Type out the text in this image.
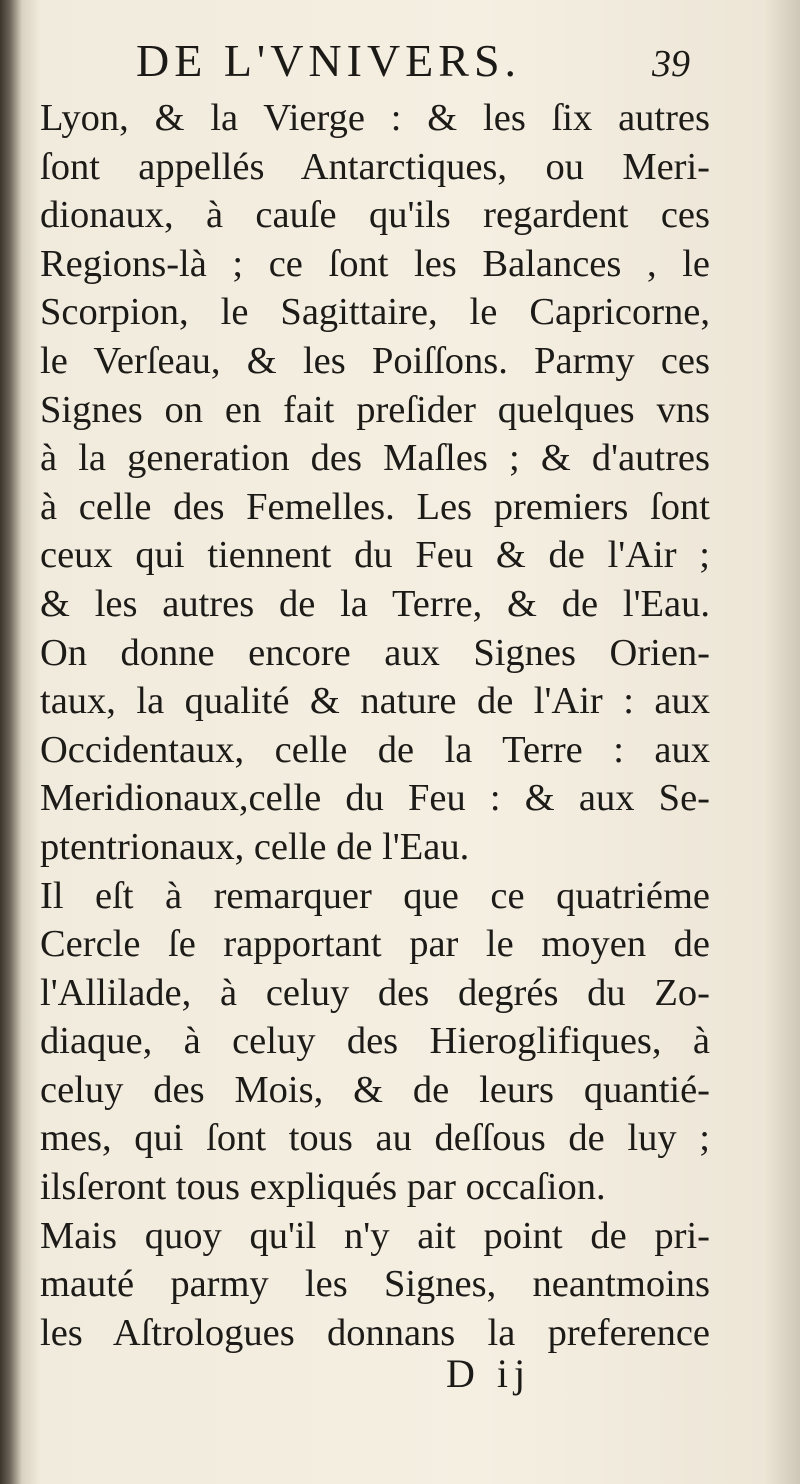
DE L'VNIVERS.	39
Lyon, & la Vierge : & les ſix autres
ſont appellés Antarctiques, ou Meri-
dionaux, à cauſe qu'ils regardent ces
Regions-là ; ce ſont les Balances , le
Scorpion, le Sagittaire, le Capricorne,
le Verſeau, & les Poiſſons. Parmy ces
Signes on en fait preſider quelques vns
à la generation des Maſles ; & d'autres
à celle des Femelles. Les premiers ſont
ceux qui tiennent du Feu & de l'Air ;
& les autres de la Terre, & de l'Eau.
On donne encore aux Signes Orien-
taux, la qualité & nature de l'Air : aux
Occidentaux, celle de la Terre : aux
Meridionaux,celle du Feu : & aux Se-
ptentrionaux, celle de l'Eau.
Il eſt à remarquer que ce quatriéme
Cercle ſe rapportant par le moyen de
l'Allilade, à celuy des degrés du Zo-
diaque, à celuy des Hieroglifiques, à
celuy des Mois, & de leurs quantié-
mes, qui ſont tous au deſſous de luy ;
ilsſeront tous expliqués par occaſion.
Mais quoy qu'il n'y ait point de pri-
mauté parmy les Signes, neantmoins
les Aſtrologues donnans la preference
D ij
